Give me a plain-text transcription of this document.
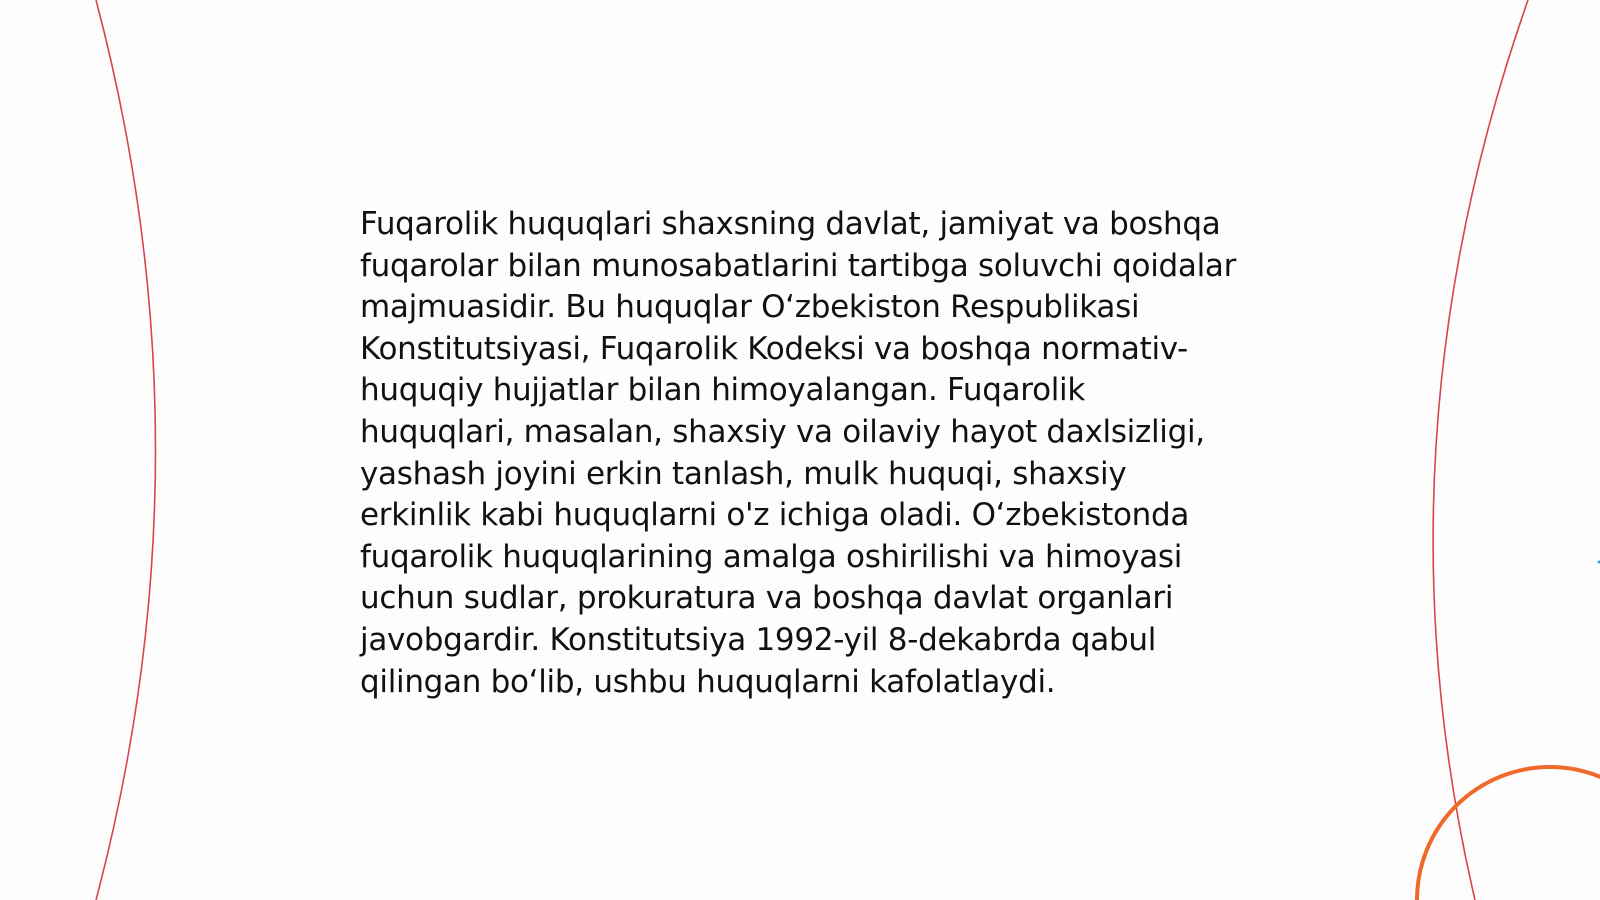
Fuqarolik huquqlari shaxsning davlat, jamiyat va boshqa fuqarolar bilan munosabatlarini tartibga soluvchi qoidalar majmuasidir. Bu huquqlar O‘zbekiston Respublikasi Konstitutsiyasi, Fuqarolik Kodeksi va boshqa normativ-huquqiy hujjatlar bilan himoyalangan. Fuqarolik huquqlari, masalan, shaxsiy va oilaviy hayot daxlsizligi, yashash joyini erkin tanlash, mulk huquqi, shaxsiy erkinlik kabi huquqlarni o'z ichiga oladi. O‘zbekistonda fuqarolik huquqlarining amalga oshirilishi va himoyasi uchun sudlar, prokuratura va boshqa davlat organlari javobgardir. Konstitutsiya 1992-yil 8-dekabrda qabul qilingan bo‘lib, ushbu huquqlarni kafolatlaydi.
